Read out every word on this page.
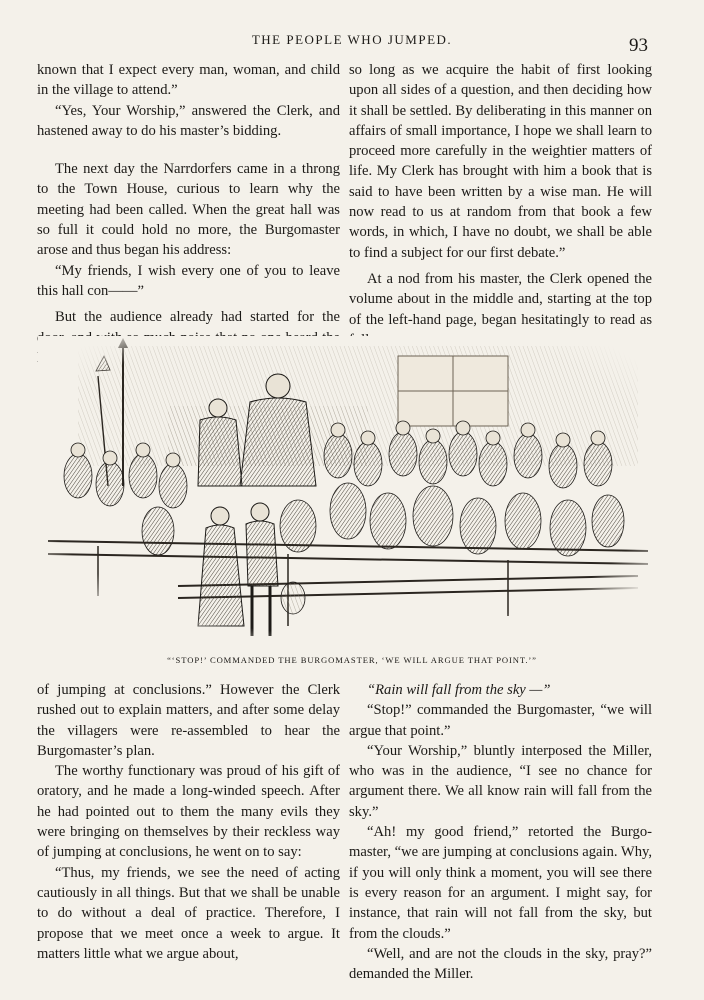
THE PEOPLE WHO JUMPED.	93

known that I expect every man, woman, and child in the village to attend.”

“Yes, Your Worship,” answered the Clerk, and hastened away to do his master’s bidding.

The next day the Narrdorfers came in a throng to the Town House, curious to learn why the meeting had been called. When the great hall was so full it could hold no more, the Burgomaster arose and thus began his address:

“My friends, I wish every one of you to leave this hall con——”

But the audience already had started for the

so long as we acquire the habit of first looking upon all sides of a question, and then deciding how it shall be settled. By deliberating in this manner on affairs of small importance, I hope we shall learn to proceed more carefully in the weightier matters of life. My Clerk has brought with him a book that is said to have been written by a wise man. He will now read to us at random from that book a few words, in which, I have no doubt, we shall be able to find a subject for our first debate.”

At a nod from his master, the Clerk opened the volume about in the middle and, starting at the top of the left-hand page, began hesitatingly to read as

“‘STOP!’ COMMANDED THE BURGOMASTER, ‘WE WILL ARGUE THAT POINT.’”

of jumping at conclusions.” However the Clerk rushed out to explain matters, and after some delay the villagers were re-assembled to hear the Burgomaster’s plan.

The worthy functionary was proud of his gift of oratory, and he made a long-winded speech. After he had pointed out to them the many evils they were bringing on themselves by their reckless way of jumping at conclusions, he went on to say:

“Thus, my friends, we see the need of acting cautiously in all things. But that we shall be unable to do without a deal of practice. Therefore, I propose that we meet once a week to argue. It matters little what we argue about,

“Rain will fall from the sky —”

“Stop!” commanded the Burgomaster, “we will argue that point.”

“Your Worship,” bluntly interposed the Miller, who was in the audience, “I see no chance for argument there. We all know rain will fall from the sky.”

“Ah! my good friend,” retorted the Burgomaster, “we are jumping at conclusions again. Why, if you will only think a moment, you will see there is every reason for an argument. I might say, for instance, that rain will not fall from the sky, but from the clouds.”

“Well, and are not the clouds in the sky, pray?” demanded the Miller.
